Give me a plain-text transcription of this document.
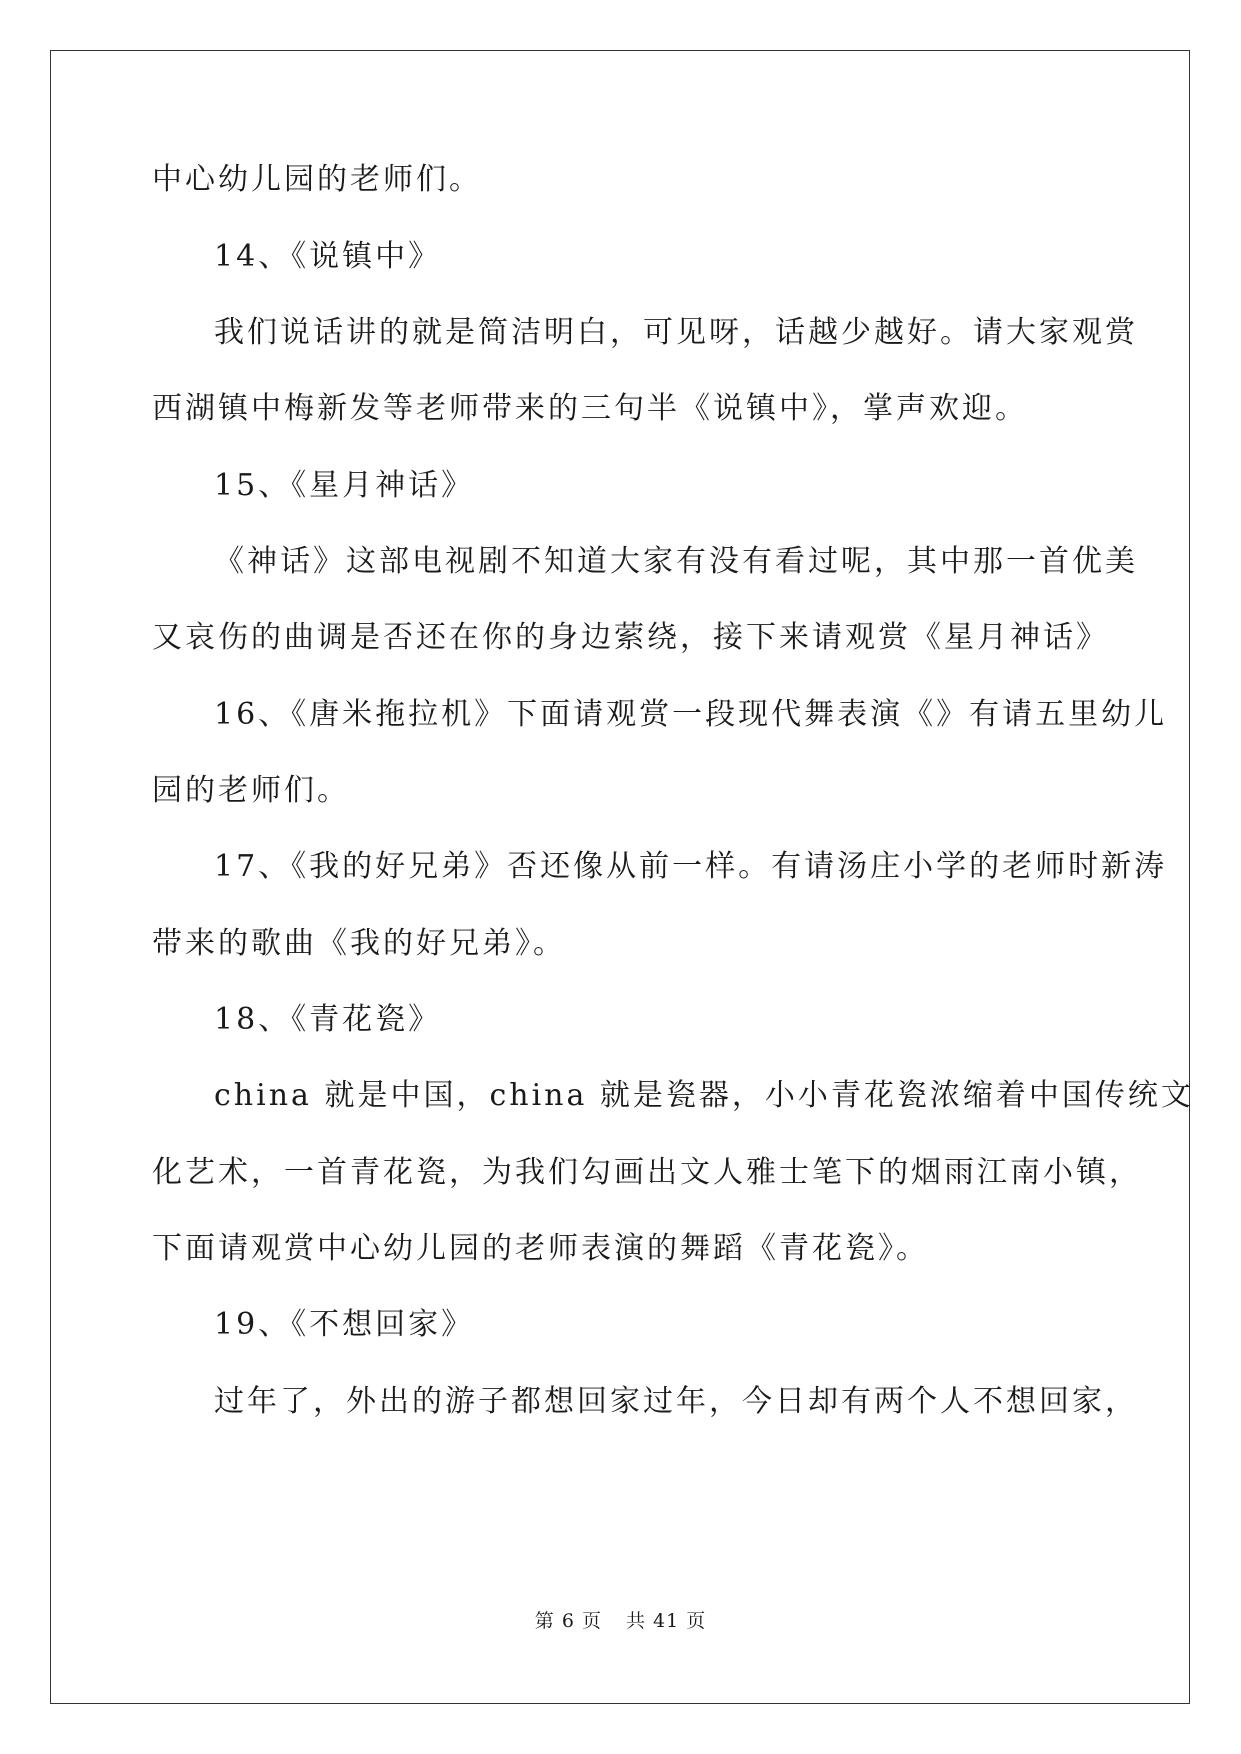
中心幼儿园的老师们。
14、《说镇中》
我们说话讲的就是简洁明白，可见呀，话越少越好。请大家观赏
西湖镇中梅新发等老师带来的三句半《说镇中》，掌声欢迎。
15、《星月神话》
《神话》这部电视剧不知道大家有没有看过呢，其中那一首优美
又哀伤的曲调是否还在你的身边萦绕，接下来请观赏《星月神话》
16、《唐米拖拉机》下面请观赏一段现代舞表演《》有请五里幼儿
园的老师们。
17、《我的好兄弟》否还像从前一样。有请汤庄小学的老师时新涛
带来的歌曲《我的好兄弟》。
18、《青花瓷》
china 就是中国，china 就是瓷器，小小青花瓷浓缩着中国传统文
化艺术，一首青花瓷，为我们勾画出文人雅士笔下的烟雨江南小镇，
下面请观赏中心幼儿园的老师表演的舞蹈《青花瓷》。
19、《不想回家》
过年了，外出的游子都想回家过年，今日却有两个人不想回家，
第 6 页 共 41 页
